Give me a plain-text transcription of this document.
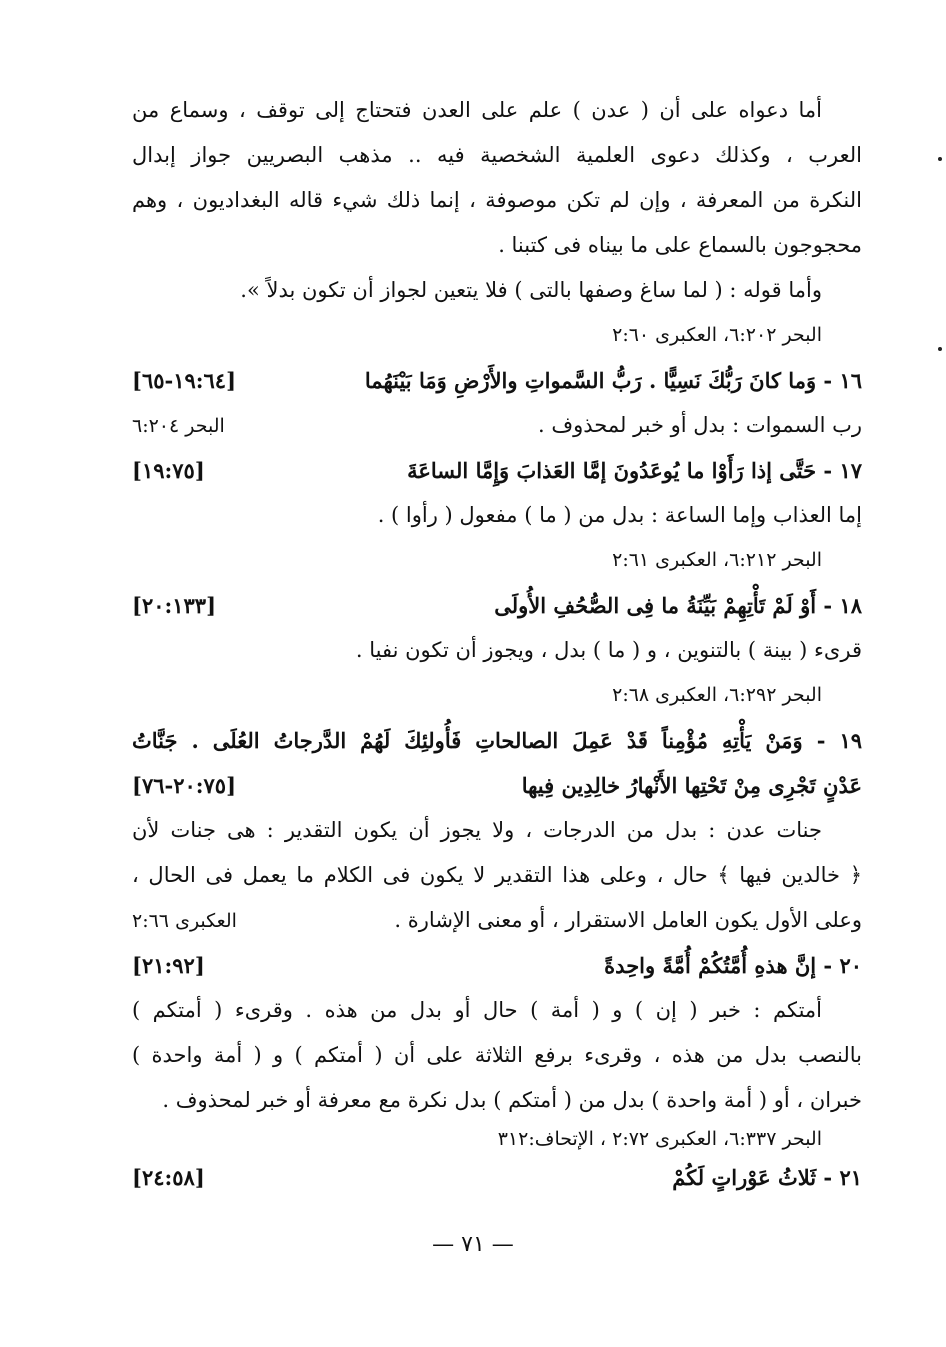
أما دعواه على أن ( عدن ) علم على العدن فتحتاج إلى توقف ، وسماع من
العرب ، وكذلك دعوى العلمية الشخصية فيه .. مذهب البصريين جواز إبدال
النكرة من المعرفة ، وإن لم تكن موصوفة ، إنما ذلك شيء قاله البغداديون ، وهم
محجوجون بالسماع على ما بيناه فى كتبنا .
وأما قوله : ( لما ساغ وصفها بالتى ) فلا يتعين لجواز أن تكون بدلاً ».
البحر ٦:٢٠٢، العكبرى ٢:٦٠
١٦ - وَما كانَ رَبُّكَ نَسِيًّا . رَبُّ السَّمواتِ والأَرْضِ وَمَا بَيْنَهُما
[١٩:٦٤-٦٥]
رب السموات : بدل أو خبر لمحذوف .
البحر ٦:٢٠٤
١٧ - حَتَّى إذا رَأَوْا ما يُوعَدُونَ إمَّا العَذابَ وَإِمَّا الساعَةَ
[١٩:٧٥]
إما العذاب وإما الساعة : بدل من ( ما ) مفعول ( رأوا ) .
البحر ٦:٢١٢، العكبرى ٢:٦١
١٨ - أَوْ لَمْ تَأْتِهِمْ بَيِّنَةُ ما فِى الصُّحُفِ الأُولَى
[٢٠:١٣٣]
قرىء ( بينة ) بالتنوين ، و ( ما ) بدل ، ويجوز أن تكون نفيا .
البحر ٦:٢٩٢، العكبرى ٢:٦٨
١٩ - وَمَنْ يَأْتِهِ مُؤْمِناً قَدْ عَمِلَ الصالحاتِ فَأُولئِكَ لَهُمْ الدَّرجاتُ العُلَى . جَنَّاتُ
عَدْنٍ تَجْرِى مِنْ تَحْتِها الأَنْهارُ خالِدِين فِيها
[٢٠:٧٥-٧٦]
جنات عدن : بدل من الدرجات ، ولا يجوز أن يكون التقدير : هى جنات لأن
﴿ خالدين فيها ﴾ حال ، وعلى هذا التقدير لا يكون فى الكلام ما يعمل فى الحال ،
وعلى الأول يكون العامل الاستقرار ، أو معنى الإشارة .
العكبرى ٢:٦٦
٢٠ - إنَّ هذهِ أُمَّتُكُمْ أُمَّةً واحِدةً
[٢١:٩٢]
أمتكم : خبر ( إن ) و ( أمة ) حال أو بدل من هذه . وقرىء ( أمتكم )
بالنصب بدل من هذه ، وقرىء برفع الثلاثة على أن ( أمتكم ) و ( أمة واحدة )
خبران ، أو ( أمة واحدة ) بدل من ( أمتكم ) بدل نكرة مع معرفة أو خبر لمحذوف .
البحر ٦:٣٣٧، العكبرى ٢:٧٢ ، الإتحاف:٣١٢
٢١ - ثَلاثُ عَوْراتٍ لَكُمْ
[٢٤:٥٨]
— ٧١ —
